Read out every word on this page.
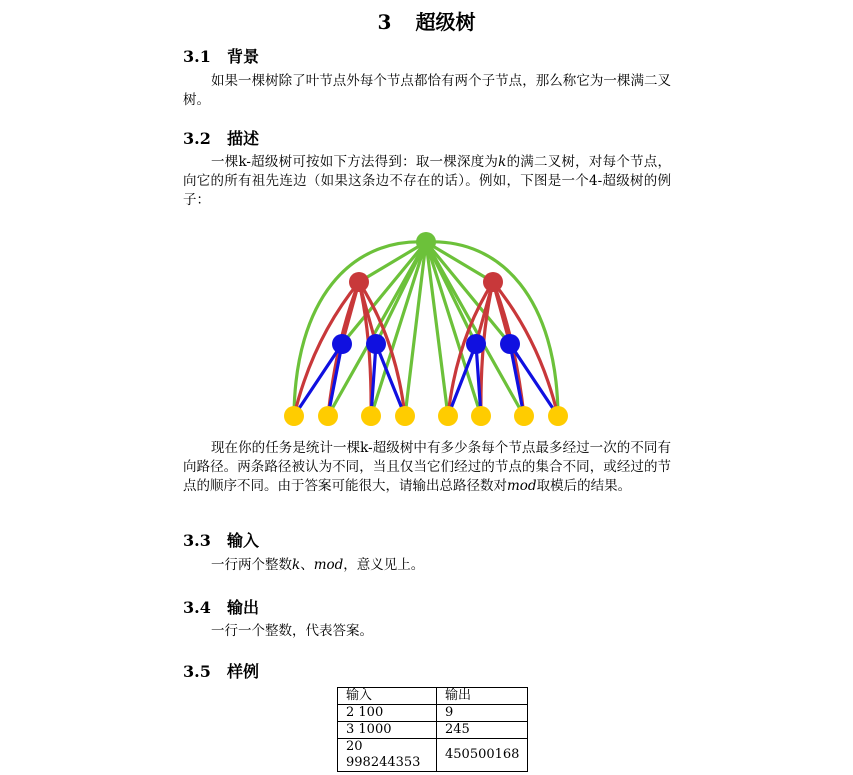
3 超级树
3.1 背景
如果一棵树除了叶节点外每个节点都恰有两个子节点，那么称它为一棵满二叉树。
3.2 描述
一棵k-超级树可按如下方法得到：取一棵深度为k的满二叉树，对每个节点，向它的所有祖先连边（如果这条边不存在的话）。例如，下图是一个4-超级树的例子：
现在你的任务是统计一棵k-超级树中有多少条每个节点最多经过一次的不同有向路径。两条路径被认为不同，当且仅当它们经过的节点的集合不同，或经过的节点的顺序不同。由于答案可能很大，请输出总路径数对mod取模后的结果。
3.3 输入
一行两个整数k、mod，意义见上。
3.4 输出
一行一个整数，代表答案。
3.5 样例
输入	输出
2 100	9
3 1000	245
20 998244353	450500168
